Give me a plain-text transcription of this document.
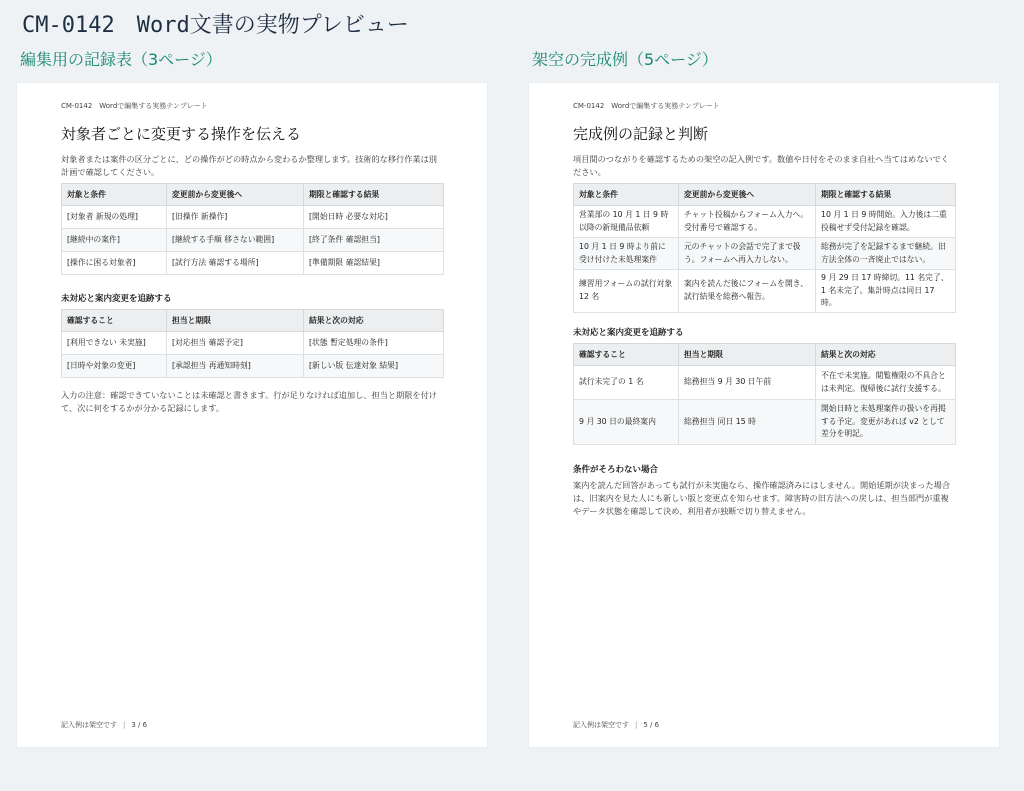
CM-0142　Word文書の実物プレビュー
編集用の記録表（3ページ）	架空の完成例（5ページ）
CM-0142　Wordで編集する実務テンプレート
対象者ごとに変更する操作を伝える
対象者または案件の区分ごとに、どの操作がどの時点から変わるか整理します。技術的な移行作業は別計画で確認してください。
対象と条件	変更前から変更後へ	期限と確認する結果
[対象者 新規の処理]	[旧操作 新操作]	[開始日時 必要な対応]
[継続中の案件]	[継続する手順 移さない範囲]	[終了条件 確認担当]
[操作に困る対象者]	[試行方法 確認する場所]	[準備期限 確認結果]
未対応と案内変更を追跡する
確認すること	担当と期限	結果と次の対応
[利用できない 未実施]	[対応担当 確認予定]	[状態 暫定処理の条件]
[日時や対象の変更]	[承認担当 再通知時刻]	[新しい版 伝達対象 結果]
入力の注意：確認できていないことは未確認と書きます。行が足りなければ追加し、担当と期限を付けて、次に何をするかが分かる記録にします。
記入例は架空です | 3 / 6
CM-0142　Wordで編集する実務テンプレート
完成例の記録と判断
項目間のつながりを確認するための架空の記入例です。数値や日付をそのまま自社へ当てはめないでください。
対象と条件	変更前から変更後へ	期限と確認する結果
営業部の 10 月 1 日 9 時以降の新規備品依頼	チャット投稿からフォーム入力へ。受付番号で確認する。	10 月 1 日 9 時開始。入力後は二重投稿せず受付記録を確認。
10 月 1 日 9 時より前に受け付けた未処理案件	元のチャットの会話で完了まで扱う。フォームへ再入力しない。	総務が完了を記録するまで継続。旧方法全体の一斉廃止ではない。
練習用フォームの試行対象 12 名	案内を読んだ後にフォームを開き、試行結果を総務へ報告。	9 月 29 日 17 時締切。11 名完了、1 名未完了。集計時点は同日 17 時。
未対応と案内変更を追跡する
確認すること	担当と期限	結果と次の対応
試行未完了の 1 名	総務担当 9 月 30 日午前	不在で未実施。閲覧権限の不具合とは未判定。復帰後に試行支援する。
9 月 30 日の最終案内	総務担当 同日 15 時	開始日時と未処理案件の扱いを再掲する予定。変更があれば v2 として差分を明記。
条件がそろわない場合
案内を読んだ回答があっても試行が未実施なら、操作確認済みにはしません。開始延期が決まった場合は、旧案内を見た人にも新しい版と変更点を知らせます。障害時の旧方法への戻しは、担当部門が重複やデータ状態を確認して決め、利用者が独断で切り替えません。
記入例は架空です | 5 / 6
